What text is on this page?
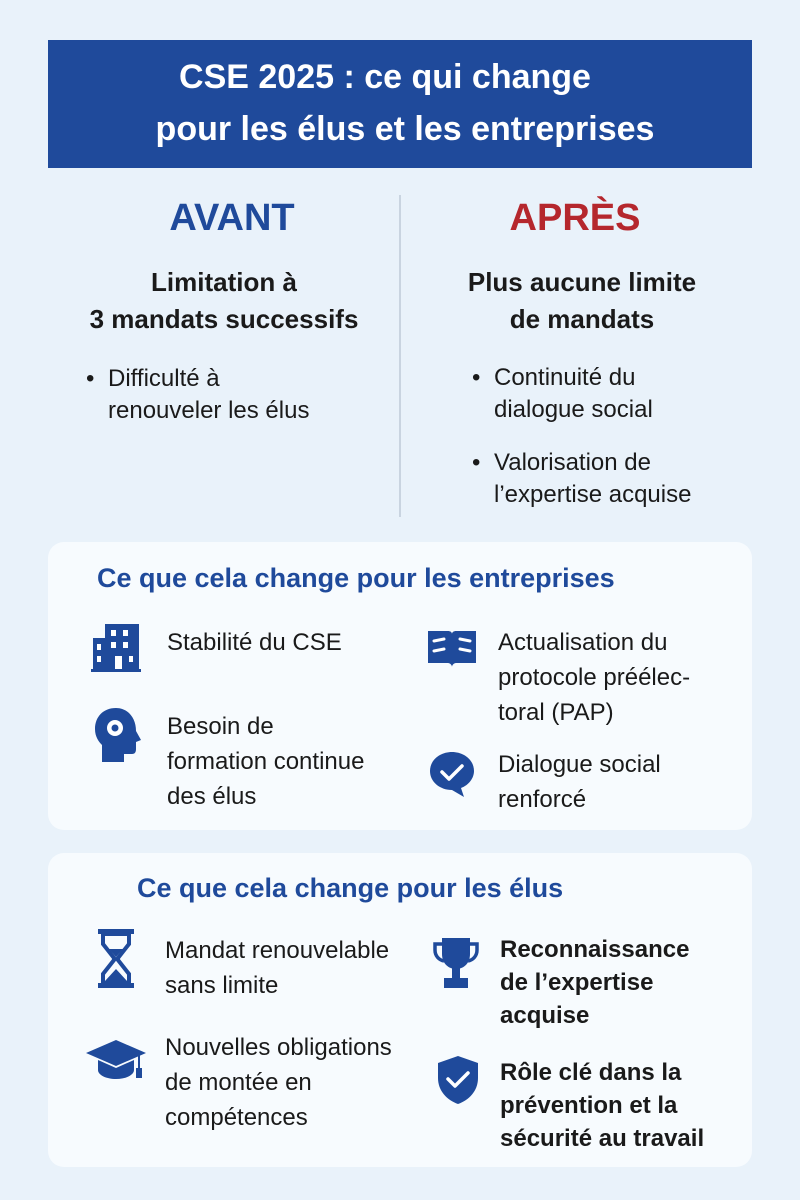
CSE 2025 : ce qui change
pour les élus et les entreprises
AVANT
Limitation à
3 mandats successifs
• Difficulté à
renouveler les élus
APRÈS
Plus aucune limite
de mandats
• Continuité du
dialogue social
• Valorisation de
l’expertise acquise
Ce que cela change pour les entreprises
Stabilité du CSE
Besoin de
formation continue
des élus
Actualisation du
protocole préélec-
toral (PAP)
Dialogue social
renforcé
Ce que cela change pour les élus
Mandat renouvelable
sans limite
Nouvelles obligations
de montée en
compétences
Reconnaissance
de l’expertise
acquise
Rôle clé dans la
prévention et la
sécurité au travail
